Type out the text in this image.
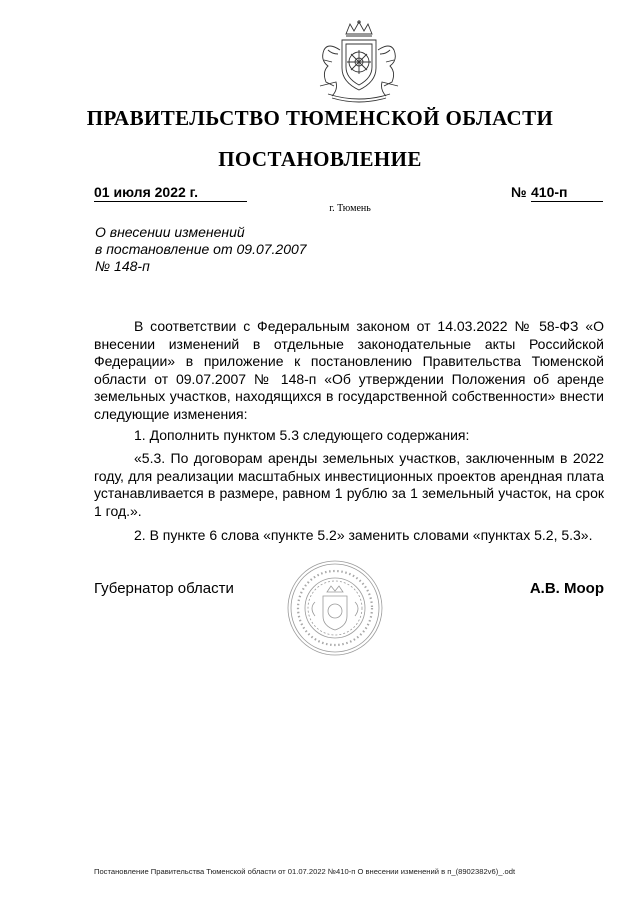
ПРАВИТЕЛЬСТВО ТЮМЕНСКОЙ ОБЛАСТИ
ПОСТАНОВЛЕНИЕ
01 июля 2022 г.	№ 410-п
г. Тюмень
О внесении изменений
в постановление от 09.07.2007
№ 148-п

В соответствии с Федеральным законом от 14.03.2022 № 58-ФЗ «О внесении изменений в отдельные законодательные акты Российской Федерации» в приложение к постановлению Правительства Тюменской области от 09.07.2007 № 148-п «Об утверждении Положения об аренде земельных участков, находящихся в государственной собственности» внести следующие изменения:

1. Дополнить пунктом 5.3 следующего содержания:

«5.3. По договорам аренды земельных участков, заключенным в 2022 году, для реализации масштабных инвестиционных проектов арендная плата устанавливается в размере, равном 1 рублю за 1 земельный участок, на срок 1 год.».

2. В пункте 6 слова «пункте 5.2» заменить словами «пунктах 5.2, 5.3».

Губернатор области	А.В. Моор
Постановление Правительства Тюменской области от 01.07.2022 №410-п О внесении изменений в п_(8902382v6)_.odt
